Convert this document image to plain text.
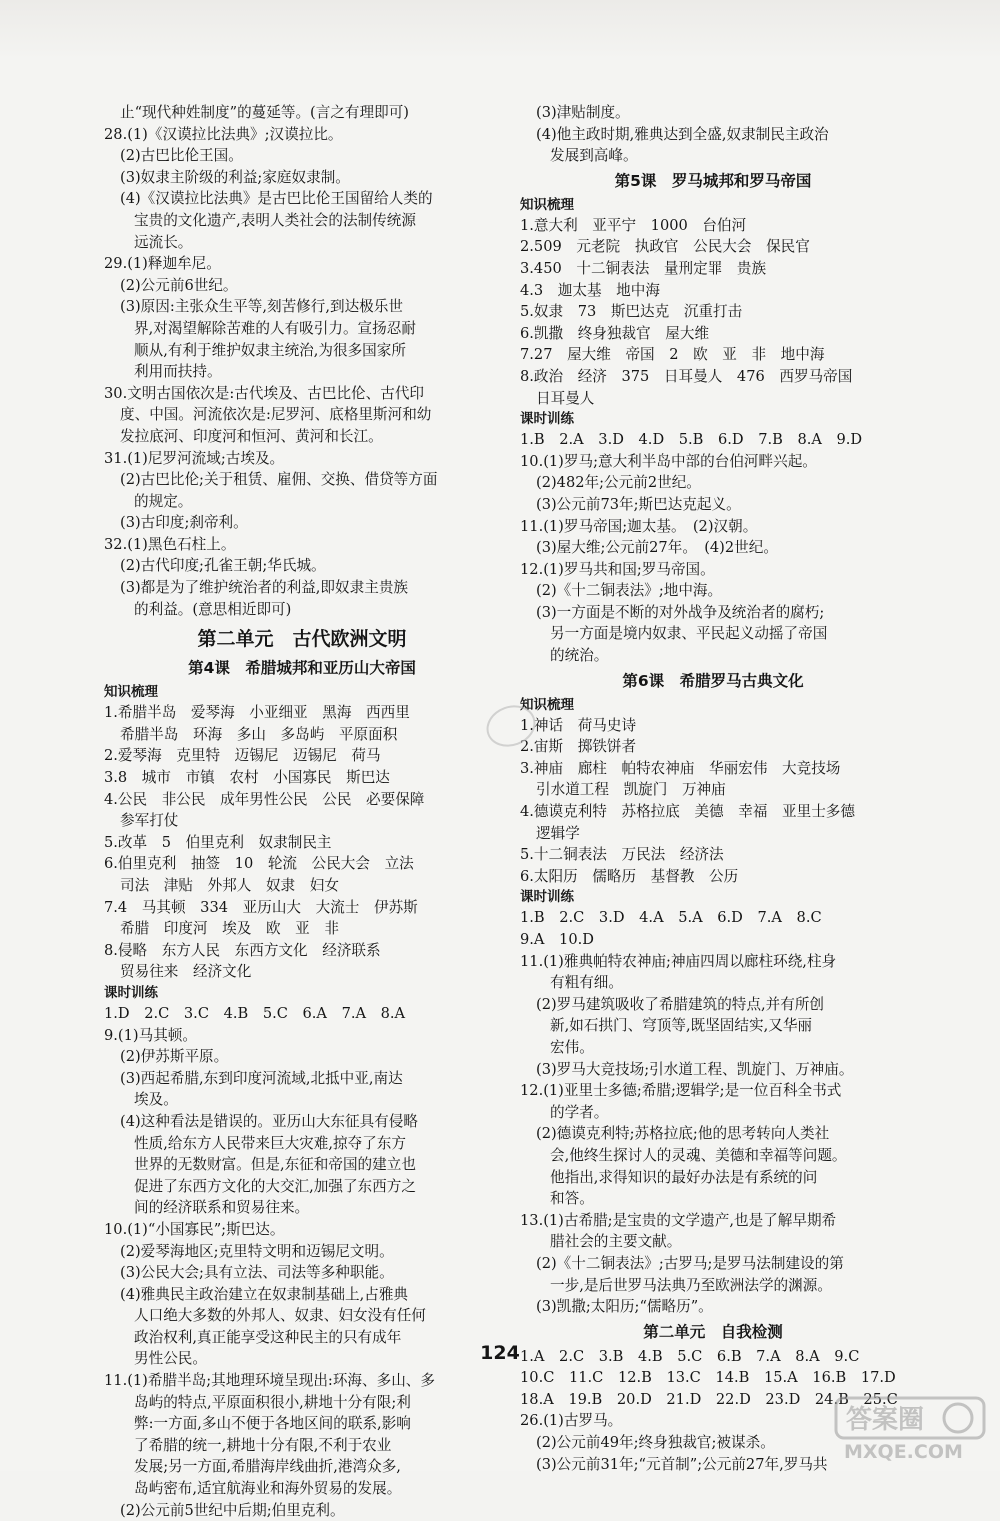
止“现代种姓制度”的蔓延等。(言之有理即可)
28.(1)《汉谟拉比法典》;汉谟拉比。
(2)古巴比伦王国。
(3)奴隶主阶级的利益;家庭奴隶制。
(4)《汉谟拉比法典》是古巴比伦王国留给人类的
宝贵的文化遗产,表明人类社会的法制传统源
远流长。
29.(1)释迦牟尼。
(2)公元前6世纪。
(3)原因:主张众生平等,刻苦修行,到达极乐世
界,对渴望解除苦难的人有吸引力。宣扬忍耐
顺从,有利于维护奴隶主统治,为很多国家所
利用而扶持。
30.文明古国依次是:古代埃及、古巴比伦、古代印
度、中国。河流依次是:尼罗河、底格里斯河和幼
发拉底河、印度河和恒河、黄河和长江。
31.(1)尼罗河流域;古埃及。
(2)古巴比伦;关于租赁、雇佣、交换、借贷等方面
的规定。
(3)古印度;刹帝利。
32.(1)黑色石柱上。
(2)古代印度;孔雀王朝;华氏城。
(3)都是为了维护统治者的利益,即奴隶主贵族
的利益。(意思相近即可)
第二单元　古代欧洲文明
第4课　希腊城邦和亚历山大帝国
知识梳理
1.希腊半岛　爱琴海　小亚细亚　黑海　西西里
希腊半岛　环海　多山　多岛屿　平原面积
2.爱琴海　克里特　迈锡尼　迈锡尼　荷马
3.8　城市　市镇　农村　小国寡民　斯巴达
4.公民　非公民　成年男性公民　公民　必要保障
参军打仗
5.改革　5　伯里克利　奴隶制民主
6.伯里克利　抽签　10　轮流　公民大会　立法
司法　津贴　外邦人　奴隶　妇女
7.4　马其顿　334　亚历山大　大流士　伊苏斯
希腊　印度河　埃及　欧　亚　非
8.侵略　东方人民　东西方文化　经济联系
贸易往来　经济文化
课时训练
1.D　2.C　3.C　4.B　5.C　6.A　7.A　8.A
9.(1)马其顿。
(2)伊苏斯平原。
(3)西起希腊,东到印度河流域,北抵中亚,南达
埃及。
(4)这种看法是错误的。亚历山大东征具有侵略
性质,给东方人民带来巨大灾难,掠夺了东方
世界的无数财富。但是,东征和帝国的建立也
促进了东西方文化的大交汇,加强了东西方之
间的经济联系和贸易往来。
10.(1)“小国寡民”;斯巴达。
(2)爱琴海地区;克里特文明和迈锡尼文明。
(3)公民大会;具有立法、司法等多种职能。
(4)雅典民主政治建立在奴隶制基础上,占雅典
人口绝大多数的外邦人、奴隶、妇女没有任何
政治权利,真正能享受这种民主的只有成年
男性公民。
11.(1)希腊半岛;其地理环境呈现出:环海、多山、多
岛屿的特点,平原面积很小,耕地十分有限;利
弊:一方面,多山不便于各地区间的联系,影响
了希腊的统一,耕地十分有限,不利于农业
发展;另一方面,希腊海岸线曲折,港湾众多,
岛屿密布,适宜航海业和海外贸易的发展。
(2)公元前5世纪中后期;伯里克利。
(3)津贴制度。
(4)他主政时期,雅典达到全盛,奴隶制民主政治
发展到高峰。
第5课　罗马城邦和罗马帝国
知识梳理
1.意大利　亚平宁　1000　台伯河
2.509　元老院　执政官　公民大会　保民官
3.450　十二铜表法　量刑定罪　贵族
4.3　迦太基　地中海
5.奴隶　73　斯巴达克　沉重打击
6.凯撒　终身独裁官　屋大维
7.27　屋大维　帝国　2　欧　亚　非　地中海
8.政治　经济　375　日耳曼人　476　西罗马帝国
日耳曼人
课时训练
1.B　2.A　3.D　4.D　5.B　6.D　7.B　8.A　9.D
10.(1)罗马;意大利半岛中部的台伯河畔兴起。
(2)482年;公元前2世纪。
(3)公元前73年;斯巴达克起义。
11.(1)罗马帝国;迦太基。　(2)汉朝。
(3)屋大维;公元前27年。　(4)2世纪。
12.(1)罗马共和国;罗马帝国。
(2)《十二铜表法》;地中海。
(3)一方面是不断的对外战争及统治者的腐朽;
另一方面是境内奴隶、平民起义动摇了帝国
的统治。
第6课　希腊罗马古典文化
知识梳理
1.神话　荷马史诗
2.宙斯　掷铁饼者
3.神庙　廊柱　帕特农神庙　华丽宏伟　大竞技场
引水道工程　凯旋门　万神庙
4.德谟克利特　苏格拉底　美德　幸福　亚里士多德
逻辑学
5.十二铜表法　万民法　经济法
6.太阳历　儒略历　基督教　公历
课时训练
1.B　2.C　3.D　4.A　5.A　6.D　7.A　8.C
9.A　10.D
11.(1)雅典帕特农神庙;神庙四周以廊柱环绕,柱身
有粗有细。
(2)罗马建筑吸收了希腊建筑的特点,并有所创
新,如石拱门、穹顶等,既坚固结实,又华丽
宏伟。
(3)罗马大竞技场;引水道工程、凯旋门、万神庙。
12.(1)亚里士多德;希腊;逻辑学;是一位百科全书式
的学者。
(2)德谟克利特;苏格拉底;他的思考转向人类社
会,他终生探讨人的灵魂、美德和幸福等问题。
他指出,求得知识的最好办法是有系统的问
和答。
13.(1)古希腊;是宝贵的文学遗产,也是了解早期希
腊社会的主要文献。
(2)《十二铜表法》;古罗马;是罗马法制建设的第
一步,是后世罗马法典乃至欧洲法学的渊源。
(3)凯撒;太阳历;“儒略历”。
第二单元　自我检测
1.A　2.C　3.B　4.B　5.C　6.B　7.A　8.A　9.C
10.C　11.C　12.B　13.C　14.B　15.A　16.B　17.D
18.A　19.B　20.D　21.D　22.D　23.D　24.B　25.C
26.(1)古罗马。
(2)公元前49年;终身独裁官;被谋杀。
(3)公元前31年;“元首制”;公元前27年,罗马共
124
答案圈
MXQE.COM
